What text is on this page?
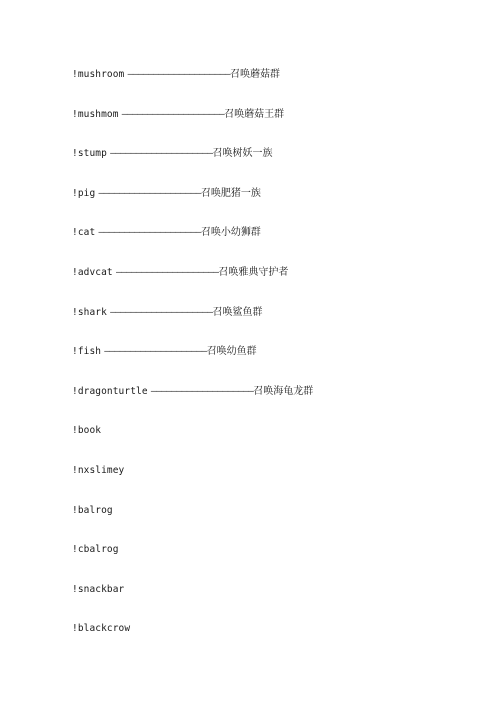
!mushroom ————————————————————召唤蘑菇群
!mushmom ————————————————————召唤蘑菇王群
!stump ————————————————————召唤树妖一族
!pig ————————————————————召唤肥猪一族
!cat ————————————————————召唤小幼狮群
!advcat ————————————————————召唤雅典守护者
!shark ————————————————————召唤鲨鱼群
!fish ————————————————————召唤幼鱼群
!dragonturtle ————————————————————召唤海龟龙群
!book
!nxslimey
!balrog
!cbalrog
!snackbar
!blackcrow
